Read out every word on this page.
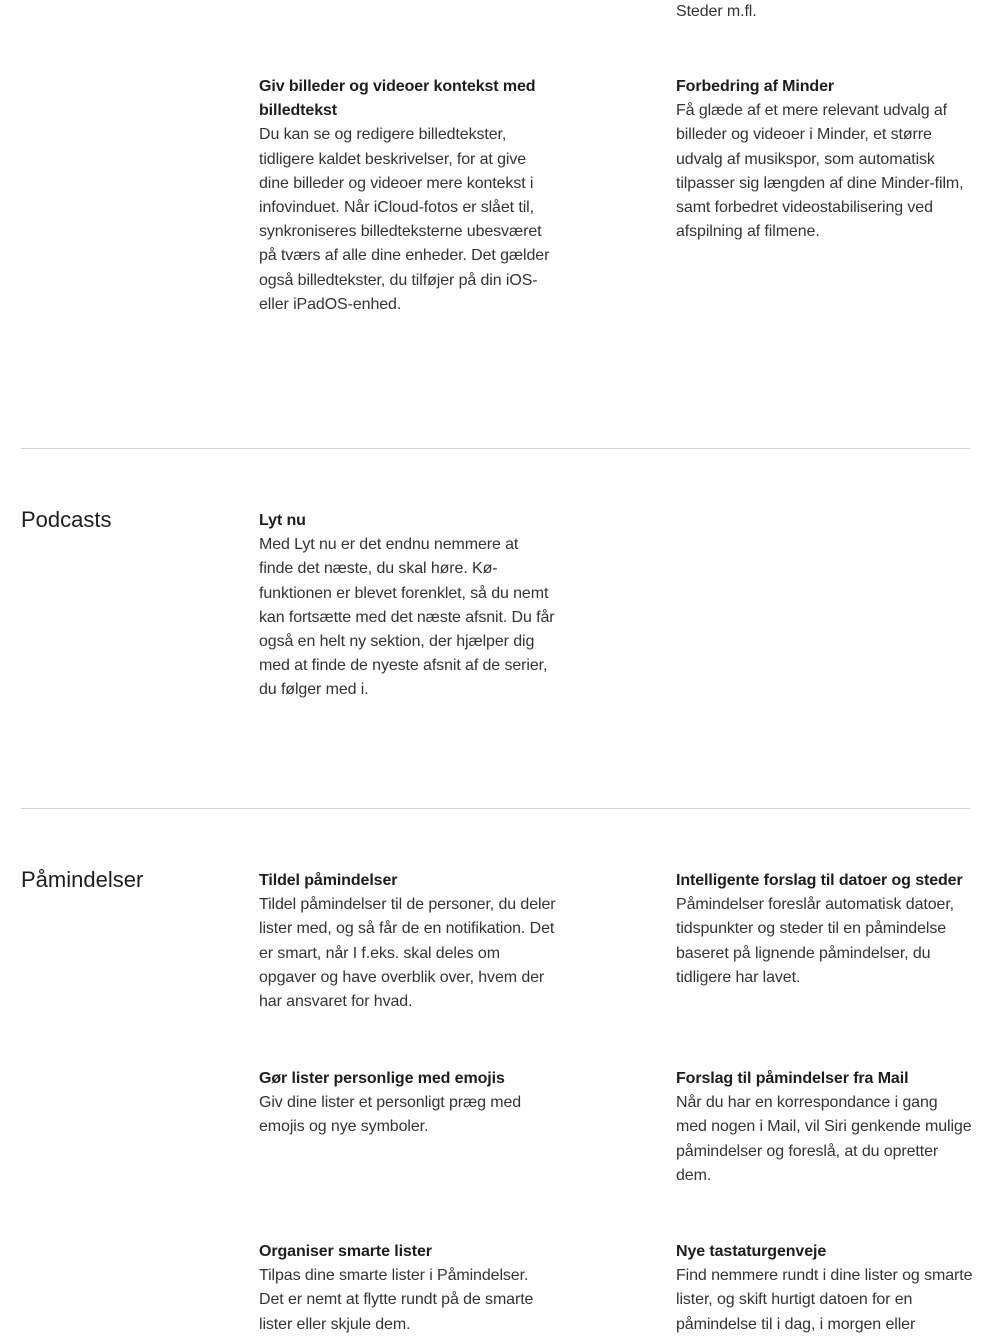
Steder m.fl.
Giv billeder og videoer kontekst med billedtekst
Du kan se og redigere billedtekster, tidligere kaldet beskrivelser, for at give dine billeder og videoer mere kontekst i infovinduet. Når iCloud-fotos er slået til, synkroniseres billedteksterne ubesværet på tværs af alle dine enheder. Det gælder også billedtekster, du tilføjer på din iOS- eller iPadOS-enhed.
Forbedring af Minder
Få glæde af et mere relevant udvalg af billeder og videoer i Minder, et større udvalg af musikspor, som automatisk tilpasser sig længden af dine Minder-film, samt forbedret videostabilisering ved afspilning af filmene.
Podcasts	Lyt nu
Med Lyt nu er det endnu nemmere at finde det næste, du skal høre. Kø-funktionen er blevet forenklet, så du nemt kan fortsætte med det næste afsnit. Du får også en helt ny sektion, der hjælper dig med at finde de nyeste afsnit af de serier, du følger med i.
Påmindelser	Tildel påmindelser
Tildel påmindelser til de personer, du deler lister med, og så får de en notifikation. Det er smart, når I f.eks. skal deles om opgaver og have overblik over, hvem der har ansvaret for hvad.
Intelligente forslag til datoer og steder
Påmindelser foreslår automatisk datoer, tidspunkter og steder til en påmindelse baseret på lignende påmindelser, du tidligere har lavet.
Gør lister personlige med emojis
Giv dine lister et personligt præg med emojis og nye symboler.
Forslag til påmindelser fra Mail
Når du har en korrespondance i gang med nogen i Mail, vil Siri genkende mulige påmindelser og foreslå, at du opretter dem.
Organiser smarte lister
Tilpas dine smarte lister i Påmindelser. Det er nemt at flytte rundt på de smarte lister eller skjule dem.
Nye tastaturgenveje
Find nemmere rundt i dine lister og smarte lister, og skift hurtigt datoen for en påmindelse til i dag, i morgen eller
